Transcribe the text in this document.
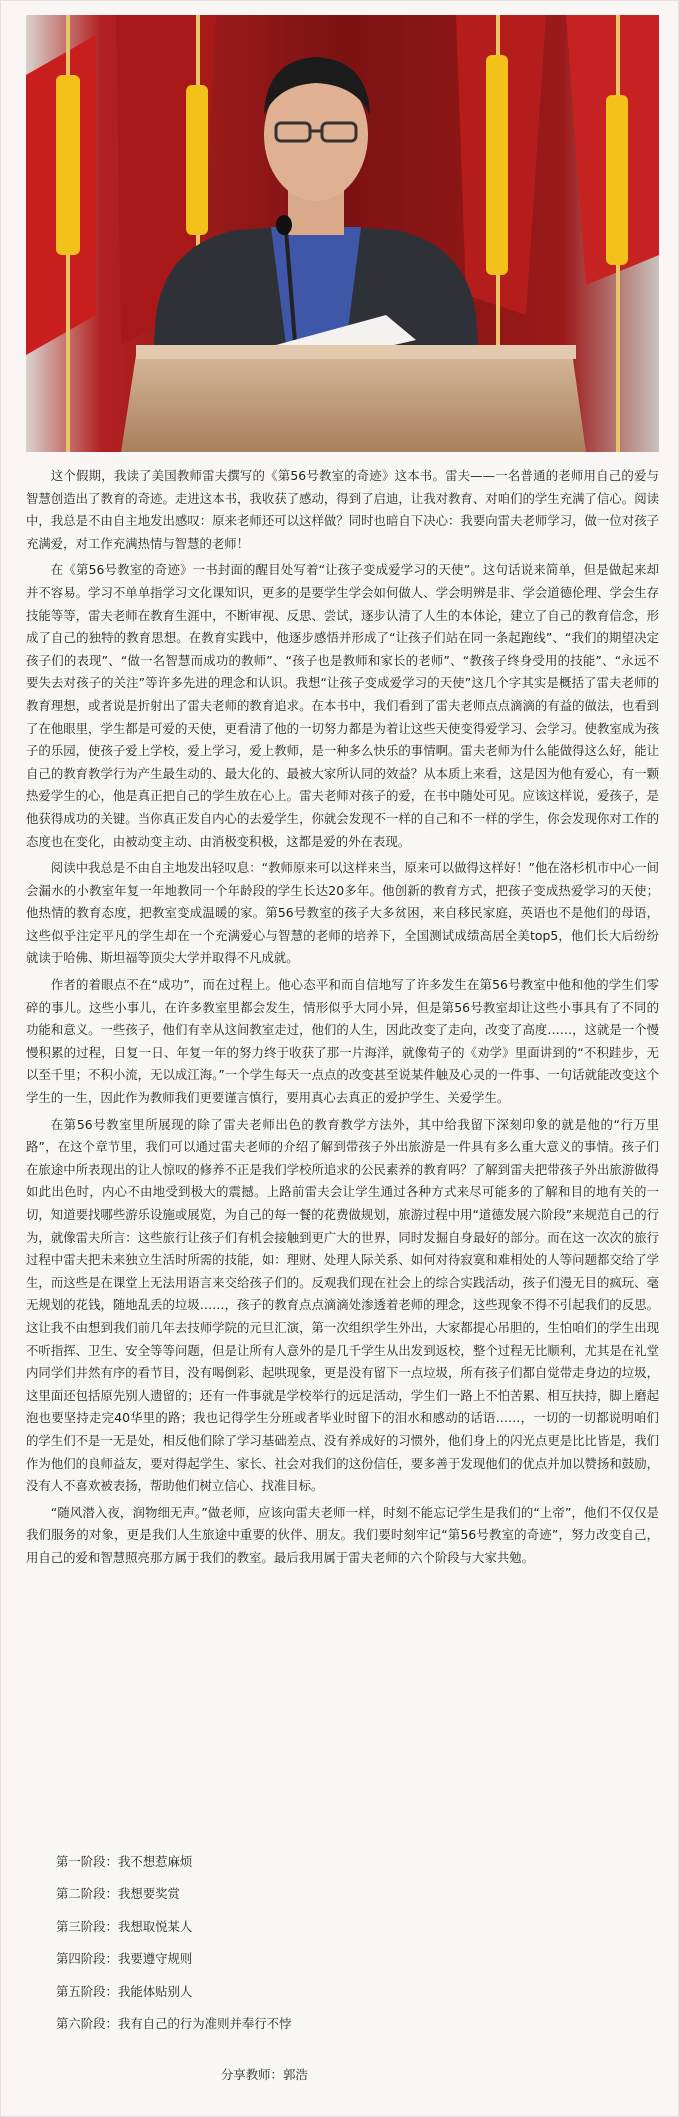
这个假期，我读了美国教师雷夫撰写的《第56号教室的奇迹》这本书。雷夫——一名普通的老师用自己的爱与智慧创造出了教育的奇迹。走进这本书，我收获了感动，得到了启迪，让我对教育、对咱们的学生充满了信心。阅读中，我总是不由自主地发出感叹：原来老师还可以这样做？同时也暗自下决心：我要向雷夫老师学习，做一位对孩子充满爱，对工作充满热情与智慧的老师！

在《第56号教室的奇迹》一书封面的醒目处写着“让孩子变成爱学习的天使”。这句话说来简单，但是做起来却并不容易。学习不单单指学习文化课知识，更多的是要学生学会如何做人、学会明辨是非、学会道德伦理、学会生存技能等等，雷夫老师在教育生涯中，不断审视、反思、尝试，逐步认清了人生的本体论，建立了自己的教育信念，形成了自己的独特的教育思想。在教育实践中，他逐步感悟并形成了“让孩子们站在同一条起跑线”、“我们的期望决定孩子们的表现”、“做一名智慧而成功的教师”、“孩子也是教师和家长的老师”、“教孩子终身受用的技能”、“永远不要失去对孩子的关注”等许多先进的理念和认识。我想“让孩子变成爱学习的天使”这几个字其实是概括了雷夫老师的教育理想，或者说是折射出了雷夫老师的教育追求。在本书中，我们看到了雷夫老师点点滴滴的有益的做法，也看到了在他眼里，学生都是可爱的天使，更看清了他的一切努力都是为着让这些天使变得爱学习、会学习。使教室成为孩子的乐园，使孩子爱上学校，爱上学习，爱上教师，是一种多么快乐的事情啊。雷夫老师为什么能做得这么好，能让自己的教育教学行为产生最生动的、最大化的、最被大家所认同的效益？从本质上来看，这是因为他有爱心，有一颗热爱学生的心，他是真正把自己的学生放在心上。雷夫老师对孩子的爱，在书中随处可见。应该这样说，爱孩子，是他获得成功的关键。当你真正发自内心的去爱学生，你就会发现不一样的自己和不一样的学生，你会发现你对工作的态度也在变化，由被动变主动、由消极变积极，这都是爱的外在表现。

阅读中我总是不由自主地发出轻叹息：“教师原来可以这样来当，原来可以做得这样好！”他在洛杉机市中心一间会漏水的小教室年复一年地教同一个年龄段的学生长达20多年。他创新的教育方式，把孩子变成热爱学习的天使；他热情的教育态度，把教室变成温暖的家。第56号教室的孩子大多贫困，来自移民家庭，英语也不是他们的母语，这些似乎注定平凡的学生却在一个充满爱心与智慧的老师的培养下，全国测试成绩高居全美top5，他们长大后纷纷就读于哈佛、斯坦福等顶尖大学并取得不凡成就。

作者的着眼点不在“成功”，而在过程上。他心态平和而自信地写了许多发生在第56号教室中他和他的学生们零碎的事儿。这些小事儿，在许多教室里都会发生，情形似乎大同小异，但是第56号教室却让这些小事具有了不同的功能和意义。一些孩子，他们有幸从这间教室走过，他们的人生，因此改变了走向，改变了高度……，这就是一个慢慢积累的过程，日复一日、年复一年的努力终于收获了那一片海洋，就像荀子的《劝学》里面讲到的“不积跬步，无以至千里；不积小流，无以成江海。”一个学生每天一点点的改变甚至说某件触及心灵的一件事、一句话就能改变这个学生的一生，因此作为教师我们更要谨言慎行，要用真心去真正的爱护学生、关爱学生。

在第56号教室里所展现的除了雷夫老师出色的教育教学方法外，其中给我留下深刻印象的就是他的“行万里路”，在这个章节里，我们可以通过雷夫老师的介绍了解到带孩子外出旅游是一件具有多么重大意义的事情。孩子们在旅途中所表现出的让人惊叹的修养不正是我们学校所追求的公民素养的教育吗？了解到雷夫把带孩子外出旅游做得如此出色时，内心不由地受到极大的震撼。上路前雷夫会让学生通过各种方式来尽可能多的了解和目的地有关的一切，知道要找哪些游乐设施或展览，为自己的每一餐的花费做规划，旅游过程中用“道德发展六阶段”来规范自己的行为，就像雷夫所言：这些旅行让孩子们有机会接触到更广大的世界，同时发掘自身最好的部分。而在这一次次的旅行过程中雷夫把未来独立生活时所需的技能，如：理财、处理人际关系、如何对待寂寞和难相处的人等问题都交给了学生，而这些是在课堂上无法用语言来交给孩子们的。反观我们现在社会上的综合实践活动，孩子们漫无目的疯玩、毫无规划的花钱，随地乱丢的垃圾……，孩子的教育点点滴滴处渗透着老师的理念，这些现象不得不引起我们的反思。这让我不由想到我们前几年去技师学院的元旦汇演，第一次组织学生外出，大家都提心吊胆的，生怕咱们的学生出现不听指挥、卫生、安全等等问题，但是让所有人意外的是几千学生从出发到返校，整个过程无比顺利，尤其是在礼堂内同学们井然有序的看节目，没有喝倒彩、起哄现象，更是没有留下一点垃圾，所有孩子们都自觉带走身边的垃圾，这里面还包括原先别人遗留的；还有一件事就是学校举行的远足活动，学生们一路上不怕苦累、相互扶持，脚上磨起泡也要坚持走完40华里的路；我也记得学生分班或者毕业时留下的泪水和感动的话语……，一切的一切都说明咱们的学生们不是一无是处，相反他们除了学习基础差点、没有养成好的习惯外，他们身上的闪光点更是比比皆是，我们作为他们的良师益友，要对得起学生、家长、社会对我们的这份信任，要多善于发现他们的优点并加以赞扬和鼓励，没有人不喜欢被表扬，帮助他们树立信心、找准目标。

“随风潜入夜，润物细无声。”做老师，应该向雷夫老师一样，时刻不能忘记学生是我们的“上帝”，他们不仅仅是我们服务的对象，更是我们人生旅途中重要的伙伴、朋友。我们要时刻牢记“第56号教室的奇迹”，努力改变自己，用自己的爱和智慧照亮那方属于我们的教室。最后我用属于雷夫老师的六个阶段与大家共勉。

第一阶段：我不想惹麻烦
第二阶段：我想要奖赏
第三阶段：我想取悦某人
第四阶段：我要遵守规则
第五阶段：我能体贴别人
第六阶段：我有自己的行为准则并奉行不悖
分享教师：郭浩
